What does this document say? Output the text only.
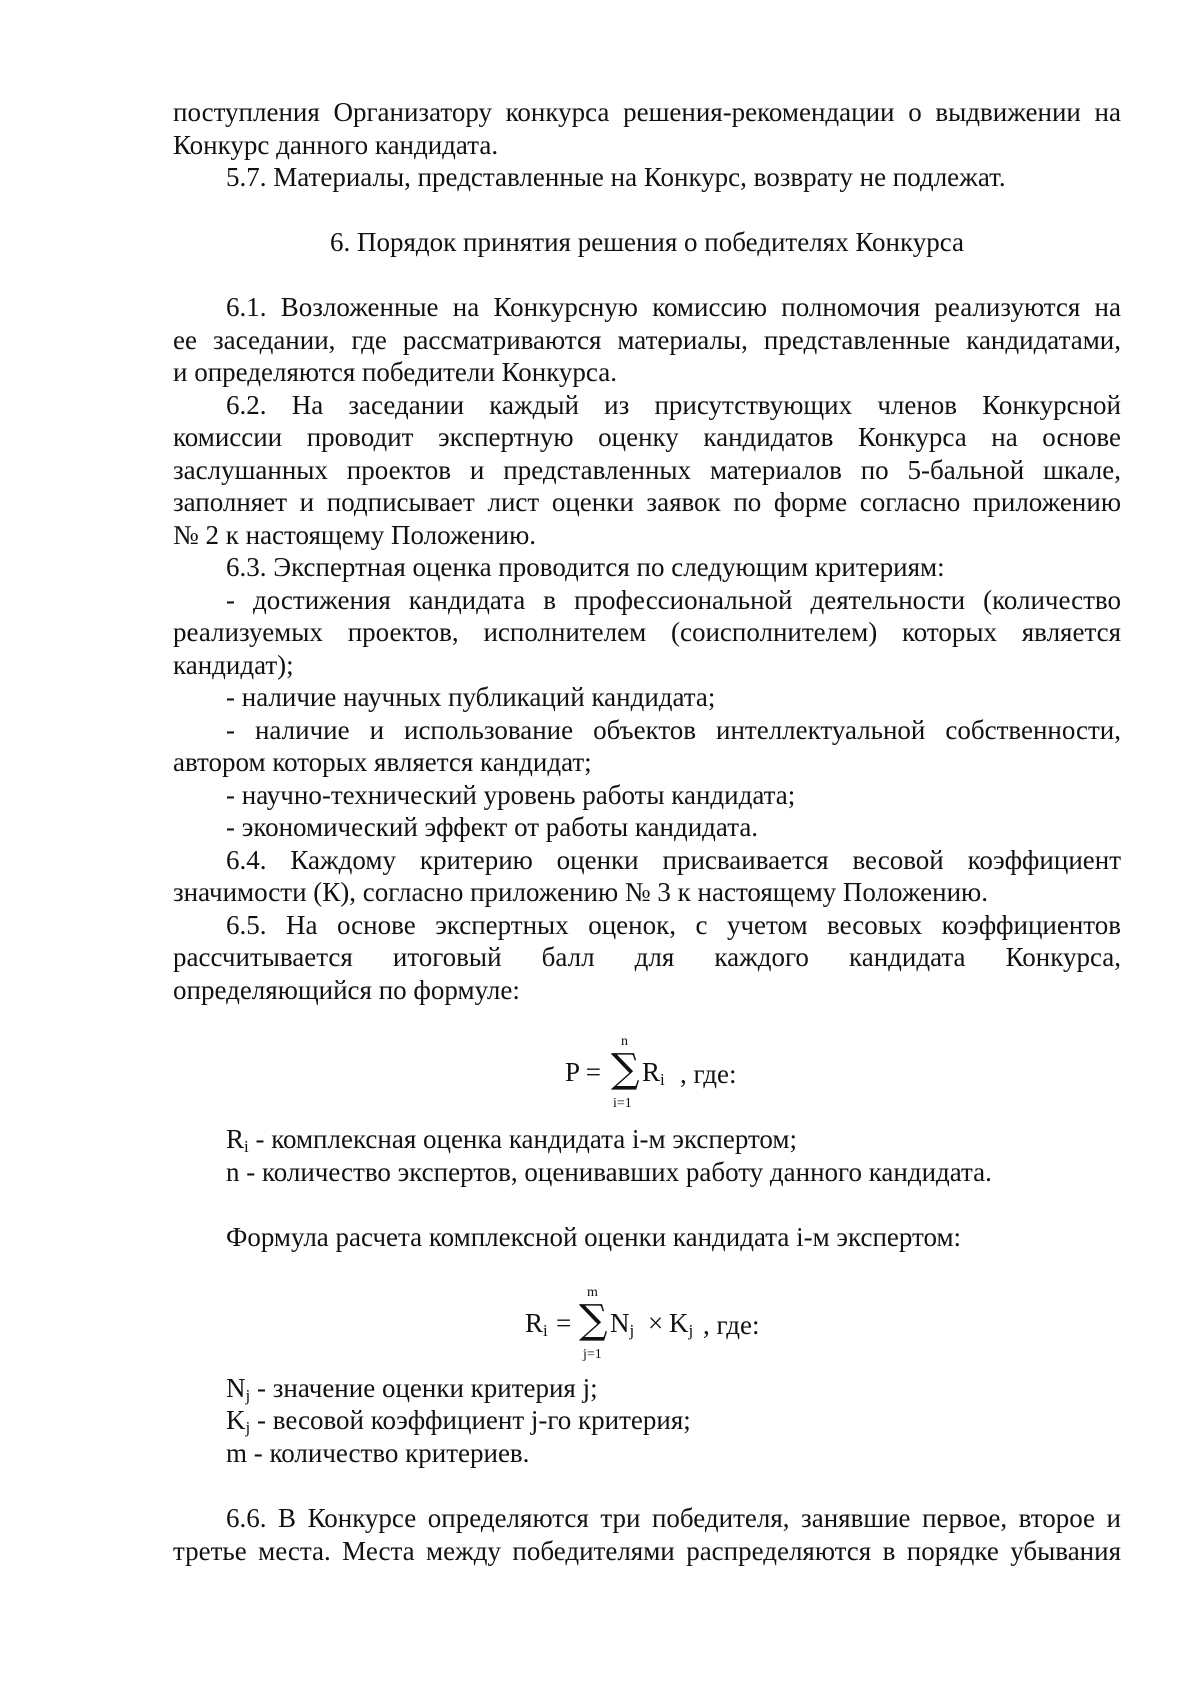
поступления Организатору конкурса решения-рекомендации о выдвижении на
Конкурс данного кандидата.
5.7. Материалы, представленные на Конкурс, возврату не подлежат.
6. Порядок принятия решения о победителях Конкурса
6.1. Возложенные на Конкурсную комиссию полномочия реализуются на
ее заседании, где рассматриваются материалы, представленные кандидатами,
и определяются победители Конкурса.
6.2. На заседании каждый из присутствующих членов Конкурсной
комиссии проводит экспертную оценку кандидатов Конкурса на основе
заслушанных проектов и представленных материалов по 5-бальной шкале,
заполняет и подписывает лист оценки заявок по форме согласно приложению
№ 2 к настоящему Положению.
6.3. Экспертная оценка проводится по следующим критериям:
- достижения кандидата в профессиональной деятельности (количество
реализуемых проектов, исполнителем (соисполнителем) которых является
кандидат);
- наличие научных публикаций кандидата;
- наличие и использование объектов интеллектуальной собственности,
автором которых является кандидат;
- научно-технический уровень работы кандидата;
- экономический эффект от работы кандидата.
6.4. Каждому критерию оценки присваивается весовой коэффициент
значимости (К), согласно приложению № 3 к настоящему Положению.
6.5. На основе экспертных оценок, с учетом весовых коэффициентов
рассчитывается итоговый балл для каждого кандидата Конкурса,
определяющийся по формуле:
P = ∑
n
i=1
$R_i$ , где:
$R_i$ - комплексная оценка кандидата i-м экспертом;
n - количество экспертов, оценивавших работу данного кандидата.
Формула расчета комплексной оценки кандидата i-м экспертом:
$R_i$ = ∑
m
j=1
$N_j \times K_j$ , где:
$N_j$ - значение оценки критерия j;
$K_j$ - весовой коэффициент j-го критерия;
m - количество критериев.
6.6. В Конкурсе определяются три победителя, занявшие первое, второе и
третье места. Места между победителями распределяются в порядке убывания
